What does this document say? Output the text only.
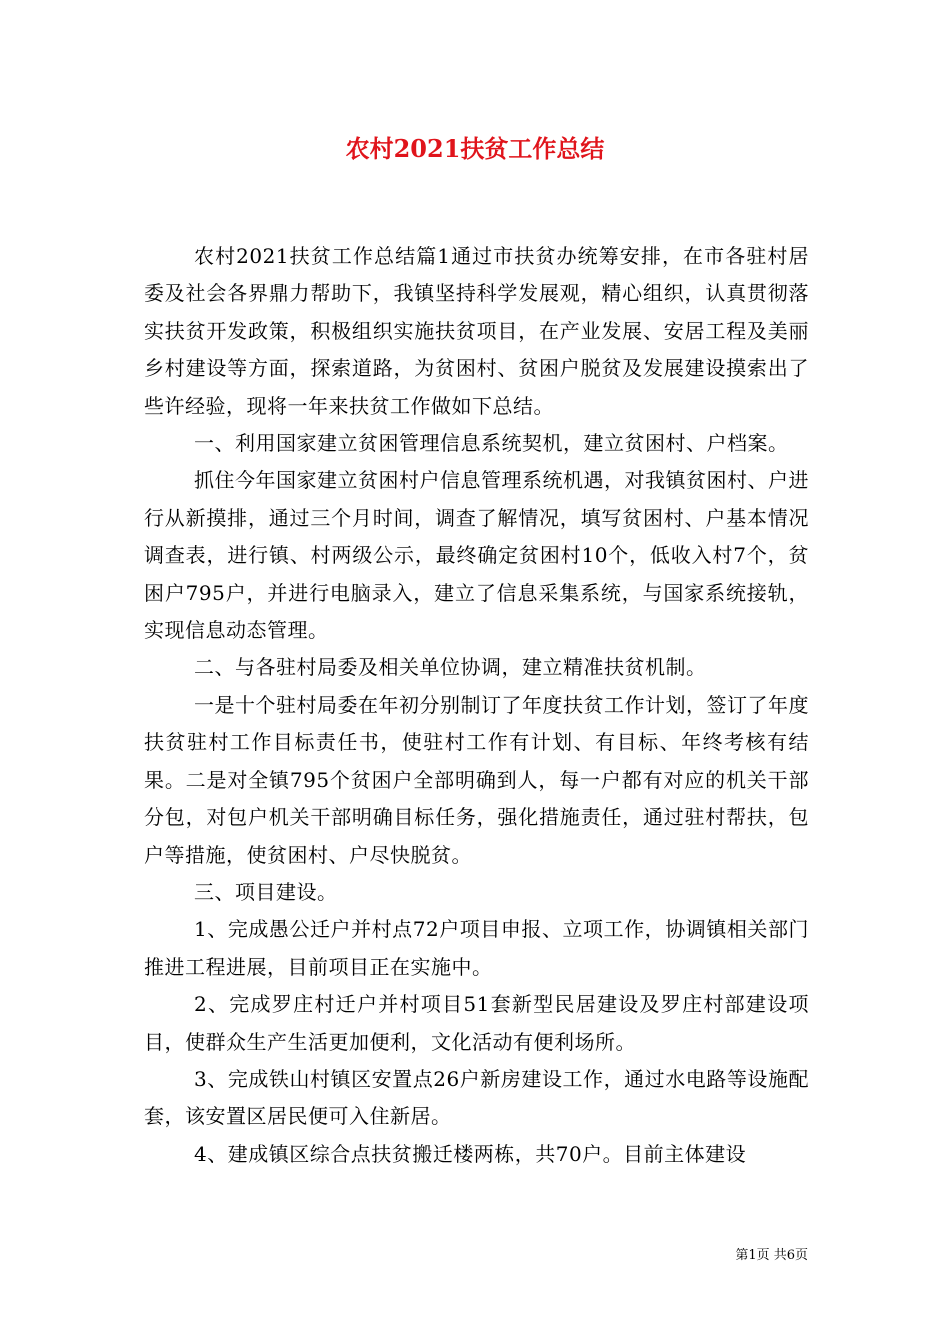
农村2021扶贫工作总结

农村2021扶贫工作总结篇1通过市扶贫办统筹安排，在市各驻村居委及社会各界鼎力帮助下，我镇坚持科学发展观，精心组织，认真贯彻落实扶贫开发政策，积极组织实施扶贫项目，在产业发展、安居工程及美丽乡村建设等方面，探索道路，为贫困村、贫困户脱贫及发展建设摸索出了些许经验，现将一年来扶贫工作做如下总结。

一、利用国家建立贫困管理信息系统契机，建立贫困村、户档案。

抓住今年国家建立贫困村户信息管理系统机遇，对我镇贫困村、户进行从新摸排，通过三个月时间，调查了解情况，填写贫困村、户基本情况调查表，进行镇、村两级公示，最终确定贫困村10个，低收入村7个，贫困户795户，并进行电脑录入，建立了信息采集系统，与国家系统接轨，实现信息动态管理。

二、与各驻村局委及相关单位协调，建立精准扶贫机制。

一是十个驻村局委在年初分别制订了年度扶贫工作计划，签订了年度扶贫驻村工作目标责任书，使驻村工作有计划、有目标、年终考核有结果。二是对全镇795个贫困户全部明确到人，每一户都有对应的机关干部分包，对包户机关干部明确目标任务，强化措施责任，通过驻村帮扶，包户等措施，使贫困村、户尽快脱贫。

三、项目建设。

1、完成愚公迁户并村点72户项目申报、立项工作，协调镇相关部门推进工程进展，目前项目正在实施中。

2、完成罗庄村迁户并村项目51套新型民居建设及罗庄村部建设项目，使群众生产生活更加便利，文化活动有便利场所。

3、完成铁山村镇区安置点26户新房建设工作，通过水电路等设施配套，该安置区居民便可入住新居。

4、建成镇区综合点扶贫搬迁楼两栋，共70户。目前主体建设

第1页 共6页
